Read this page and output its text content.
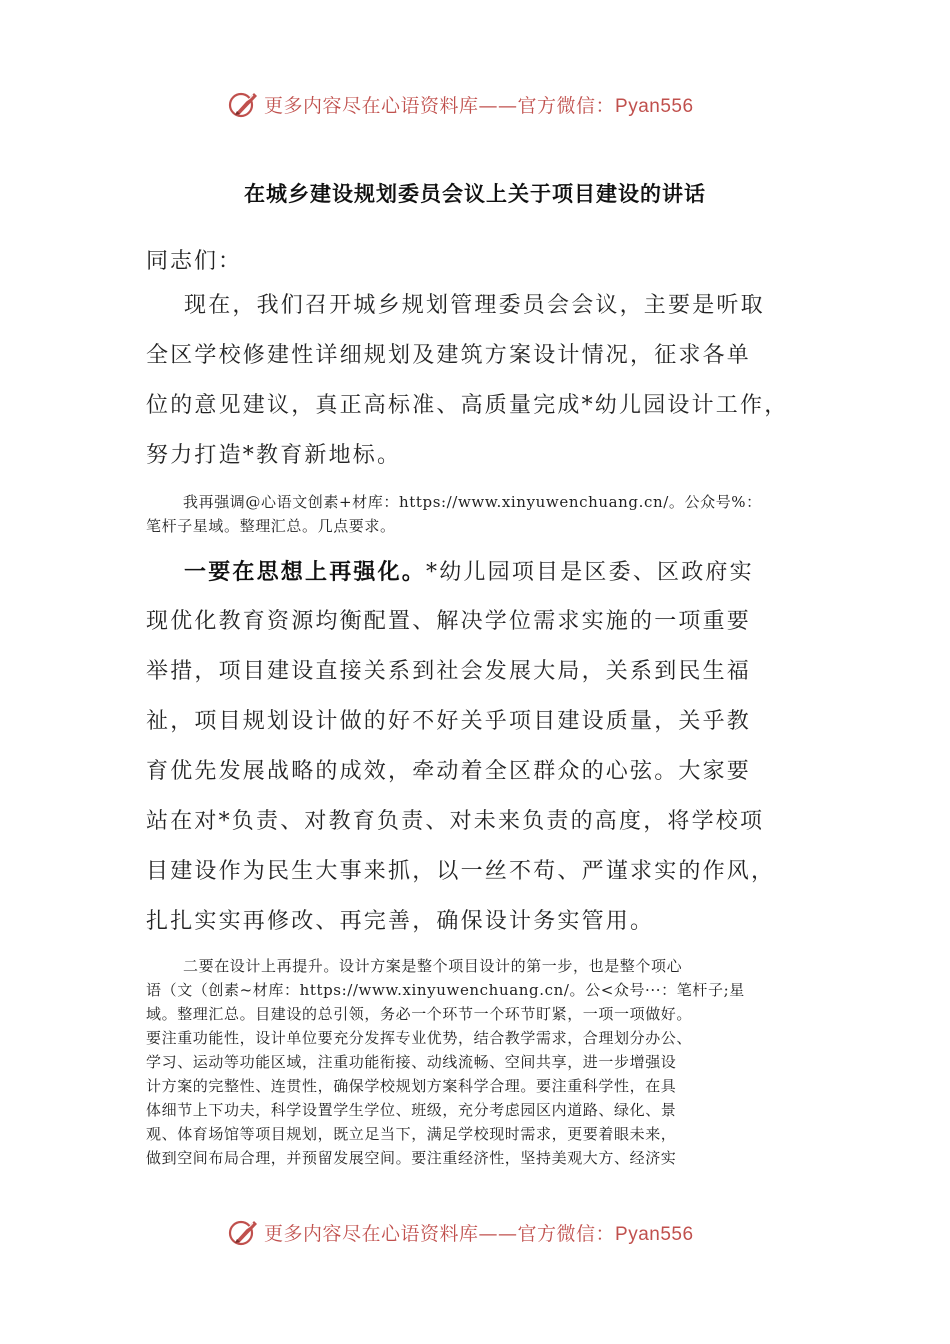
更多内容尽在心语资料库——官方微信：Pyan556
在城乡建设规划委员会议上关于项目建设的讲话
同志们：
现在，我们召开城乡规划管理委员会会议，主要是听取
全区学校修建性详细规划及建筑方案设计情况，征求各单
位的意见建议，真正高标准、高质量完成*幼儿园设计工作，
努力打造*教育新地标。
我再强调@心语文创素+材库：https://www.xinyuwenchuang.cn/。公众号%：
笔杆子星域。整理汇总。几点要求。
一要在思想上再强化。*幼儿园项目是区委、区政府实
现优化教育资源均衡配置、解决学位需求实施的一项重要
举措，项目建设直接关系到社会发展大局，关系到民生福
祉，项目规划设计做的好不好关乎项目建设质量，关乎教
育优先发展战略的成效，牵动着全区群众的心弦。大家要
站在对*负责、对教育负责、对未来负责的高度，将学校项
目建设作为民生大事来抓，以一丝不苟、严谨求实的作风，
扎扎实实再修改、再完善，确保设计务实管用。
二要在设计上再提升。设计方案是整个项目设计的第一步，也是整个项心
语（文（创素~材库：https://www.xinyuwenchuang.cn/。公<众号···：笔杆子;星
域。整理汇总。目建设的总引领，务必一个环节一个环节盯紧，一项一项做好。
要注重功能性，设计单位要充分发挥专业优势，结合教学需求，合理划分办公、
学习、运动等功能区域，注重功能衔接、动线流畅、空间共享，进一步增强设
计方案的完整性、连贯性，确保学校规划方案科学合理。要注重科学性，在具
体细节上下功夫，科学设置学生学位、班级，充分考虑园区内道路、绿化、景
观、体育场馆等项目规划，既立足当下，满足学校现时需求，更要着眼未来，
做到空间布局合理，并预留发展空间。要注重经济性，坚持美观大方、经济实
更多内容尽在心语资料库——官方微信：Pyan556
